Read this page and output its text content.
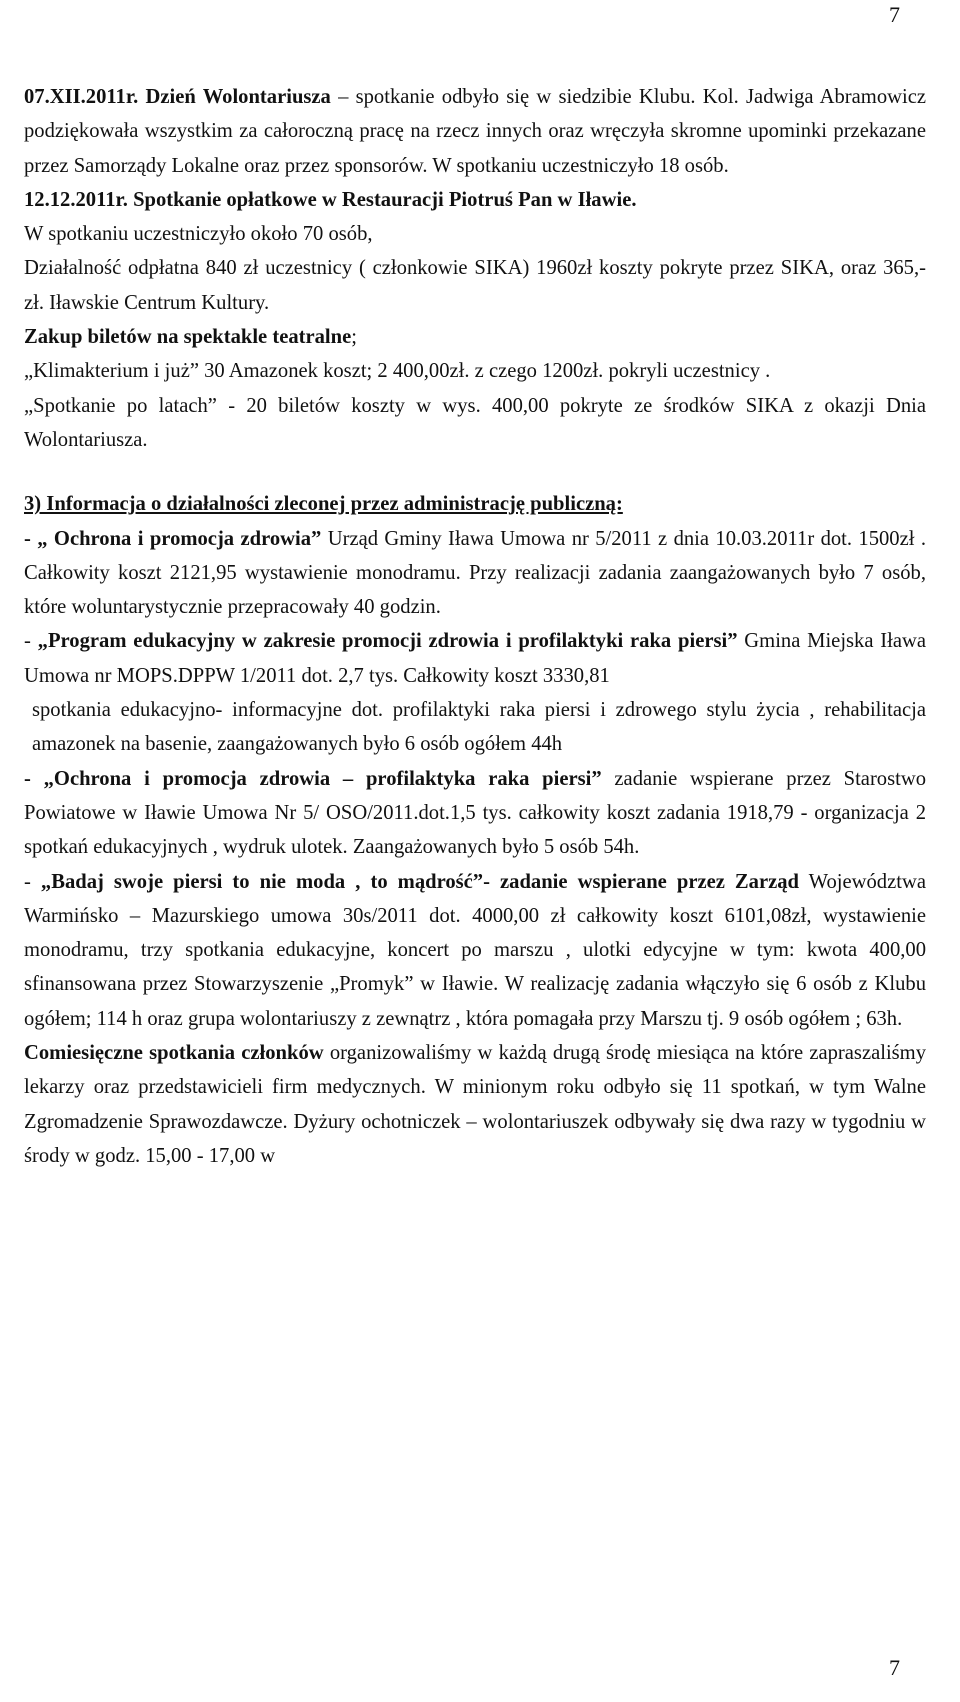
7

07.XII.2011r. Dzień Wolontariusza – spotkanie odbyło się w siedzibie Klubu. Kol. Jadwiga Abramowicz podziękowała wszystkim za całoroczną pracę na rzecz innych oraz wręczyła skromne upominki przekazane przez Samorządy Lokalne oraz przez sponsorów. W spotkaniu uczestniczyło 18 osób.

12.12.2011r. Spotkanie opłatkowe w Restauracji Piotruś Pan w Iławie.

W spotkaniu uczestniczyło około 70 osób,

Działalność odpłatna 840 zł uczestnicy ( członkowie SIKA) 1960zł koszty pokryte przez SIKA, oraz 365,- zł. Iławskie Centrum Kultury.

Zakup biletów na spektakle teatralne;

„Klimakterium i już” 30 Amazonek koszt; 2 400,00zł. z czego 1200zł. pokryli uczestnicy .

„Spotkanie po latach” - 20 biletów koszty w wys. 400,00 pokryte ze środków SIKA z okazji Dnia Wolontariusza.

3) Informacja o działalności zleconej przez administrację publiczną:

- „ Ochrona i promocja zdrowia” Urząd Gminy Iława Umowa nr 5/2011 z dnia 10.03.2011r dot. 1500zł . Całkowity koszt 2121,95 wystawienie monodramu. Przy realizacji zadania zaangażowanych było 7 osób, które woluntarystycznie przepracowały 40 godzin.

- „Program edukacyjny w zakresie promocji zdrowia i profilaktyki raka piersi” Gmina Miejska Iława Umowa nr MOPS.DPPW 1/2011 dot. 2,7 tys. Całkowity koszt 3330,81

spotkania edukacyjno- informacyjne dot. profilaktyki raka piersi i zdrowego stylu życia , rehabilitacja amazonek na basenie, zaangażowanych było 6 osób ogółem 44h

- „Ochrona i promocja zdrowia – profilaktyka raka piersi” zadanie wspierane przez Starostwo Powiatowe w Iławie Umowa Nr 5/ OSO/2011.dot.1,5 tys. całkowity koszt zadania 1918,79 - organizacja 2 spotkań edukacyjnych , wydruk ulotek. Zaangażowanych było 5 osób 54h.

- „Badaj swoje piersi to nie moda , to mądrość”- zadanie wspierane przez Zarząd Województwa Warmińsko – Mazurskiego umowa 30s/2011 dot. 4000,00 zł całkowity koszt 6101,08zł, wystawienie monodramu, trzy spotkania edukacyjne, koncert po marszu , ulotki edycyjne w tym: kwota 400,00 sfinansowana przez Stowarzyszenie „Promyk” w Iławie. W realizację zadania włączyło się 6 osób z Klubu ogółem; 114 h oraz grupa wolontariuszy z zewnątrz , która pomagała przy Marszu tj. 9 osób ogółem ; 63h.

Comiesięczne spotkania członków organizowaliśmy w każdą drugą środę miesiąca na które zapraszaliśmy lekarzy oraz przedstawicieli firm medycznych. W minionym roku odbyło się 11 spotkań, w tym Walne Zgromadzenie Sprawozdawcze. Dyżury ochotniczek – wolontariuszek odbywały się dwa razy w tygodniu w środy w godz. 15,00 - 17,00 w

7
